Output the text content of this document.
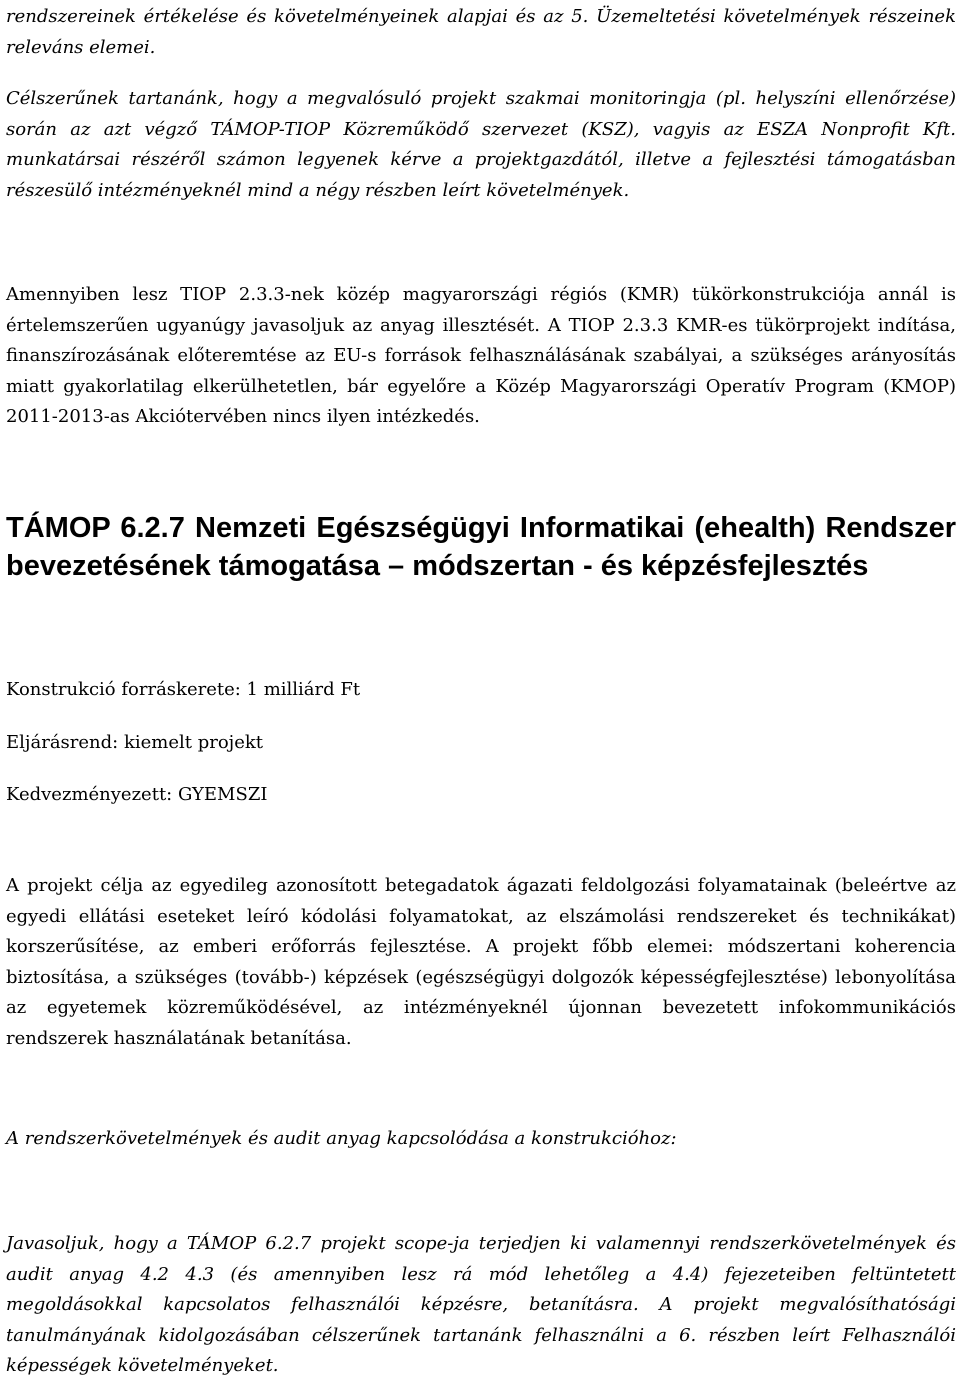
rendszereinek értékelése és követelményeinek alapjai és az 5. Üzemeltetési követelmények részeinek releváns elemei.

Célszerűnek tartanánk, hogy a megvalósuló projekt szakmai monitoringja (pl. helyszíni ellenőrzése) során az azt végző TÁMOP-TIOP Közreműködő szervezet (KSZ), vagyis az ESZA Nonprofit Kft. munkatársai részéről számon legyenek kérve a projektgazdától, illetve a fejlesztési támogatásban részesülő intézményeknél mind a négy részben leírt követelmények.

Amennyiben lesz TIOP 2.3.3-nek közép magyarországi régiós (KMR) tükörkonstrukciója annál is értelemszerűen ugyanúgy javasoljuk az anyag illesztését. A TIOP 2.3.3 KMR-es tükörprojekt indítása, finanszírozásának előteremtése az EU-s források felhasználásának szabályai, a szükséges arányosítás miatt gyakorlatilag elkerülhetetlen, bár egyelőre a Közép Magyarországi Operatív Program (KMOP) 2011-2013-as Akciótervében nincs ilyen intézkedés.

TÁMOP 6.2.7 Nemzeti Egészségügyi Informatikai (ehealth) Rendszer bevezetésének támogatása – módszertan - és képzésfejlesztés

Konstrukció forráskerete: 1 milliárd Ft

Eljárásrend: kiemelt projekt

Kedvezményezett: GYEMSZI

A projekt célja az egyedileg azonosított betegadatok ágazati feldolgozási folyamatainak (beleértve az egyedi ellátási eseteket leíró kódolási folyamatokat, az elszámolási rendszereket és technikákat) korszerűsítése, az emberi erőforrás fejlesztése. A projekt főbb elemei: módszertani koherencia biztosítása, a szükséges (tovább-) képzések (egészségügyi dolgozók képességfejlesztése) lebonyolítása az egyetemek közreműködésével, az intézményeknél újonnan bevezetett infokommunikációs rendszerek használatának betanítása.

A rendszerkövetelmények és audit anyag kapcsolódása a konstrukcióhoz:

Javasoljuk, hogy a TÁMOP 6.2.7 projekt scope-ja terjedjen ki valamennyi rendszerkövetelmények és audit anyag 4.2 4.3 (és amennyiben lesz rá mód lehetőleg a 4.4) fejezeteiben feltüntetett megoldásokkal kapcsolatos felhasználói képzésre, betanításra. A projekt megvalósíthatósági tanulmányának kidolgozásában célszerűnek tartanánk felhasználni a 6. részben leírt Felhasználói képességek követelményeket.
